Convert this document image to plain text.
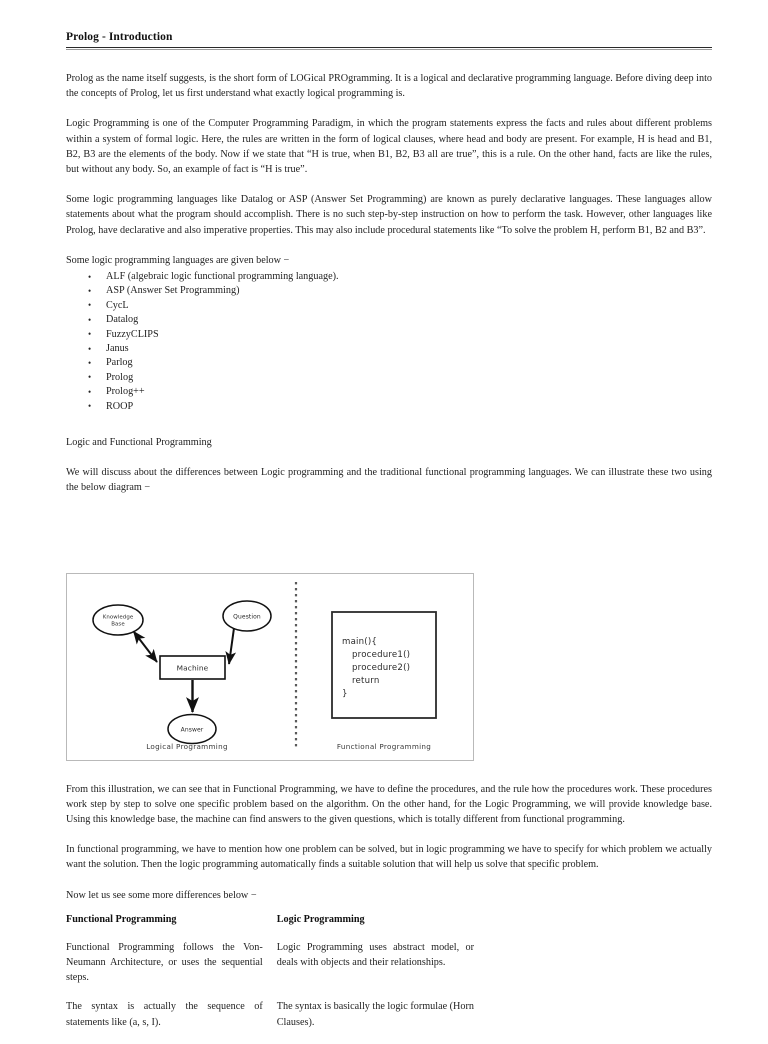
Prolog - Introduction

Prolog as the name itself suggests, is the short form of LOGical PROgramming. It is a logical and declarative programming language. Before diving deep into the concepts of Prolog, let us first understand what exactly logical programming is.

Logic Programming is one of the Computer Programming Paradigm, in which the program statements express the facts and rules about different problems within a system of formal logic. Here, the rules are written in the form of logical clauses, where head and body are present. For example, H is head and B1, B2, B3 are the elements of the body. Now if we state that “H is true, when B1, B2, B3 all are true”, this is a rule. On the other hand, facts are like the rules, but without any body. So, an example of fact is “H is true”.

Some logic programming languages like Datalog or ASP (Answer Set Programming) are known as purely declarative languages. These languages allow statements about what the program should accomplish. There is no such step-by-step instruction on how to perform the task. However, other languages like Prolog, have declarative and also imperative properties. This may also include procedural statements like “To solve the problem H, perform B1, B2 and B3”.

Some logic programming languages are given below −

• ALF (algebraic logic functional programming language).
• ASP (Answer Set Programming)
• CycL
• Datalog
• FuzzyCLIPS
• Janus
• Parlog
• Prolog
• Prolog++
• ROOP

Logic and Functional Programming

We will discuss about the differences between Logic programming and the traditional functional programming languages. We can illustrate these two using the below diagram −

Knowledge
Base
Question
Machine
Answer
main(){
procedure1()
procedure2()
return
}
Logical Programming	Functional Programming

From this illustration, we can see that in Functional Programming, we have to define the procedures, and the rule how the procedures work. These procedures work step by step to solve one specific problem based on the algorithm. On the other hand, for the Logic Programming, we will provide knowledge base. Using this knowledge base, the machine can find answers to the given questions, which is totally different from functional programming.

In functional programming, we have to mention how one problem can be solved, but in logic programming we have to specify for which problem we actually want the solution. Then the logic programming automatically finds a suitable solution that will help us solve that specific problem.

Now let us see some more differences below −

Functional Programming	Logic Programming
Functional Programming follows the Von-Neumann Architecture, or uses the sequential steps.	Logic Programming uses abstract model, or deals with objects and their relationships.
The syntax is actually the sequence of statements like (a, s, I).	The syntax is basically the logic formulae (Horn Clauses).
